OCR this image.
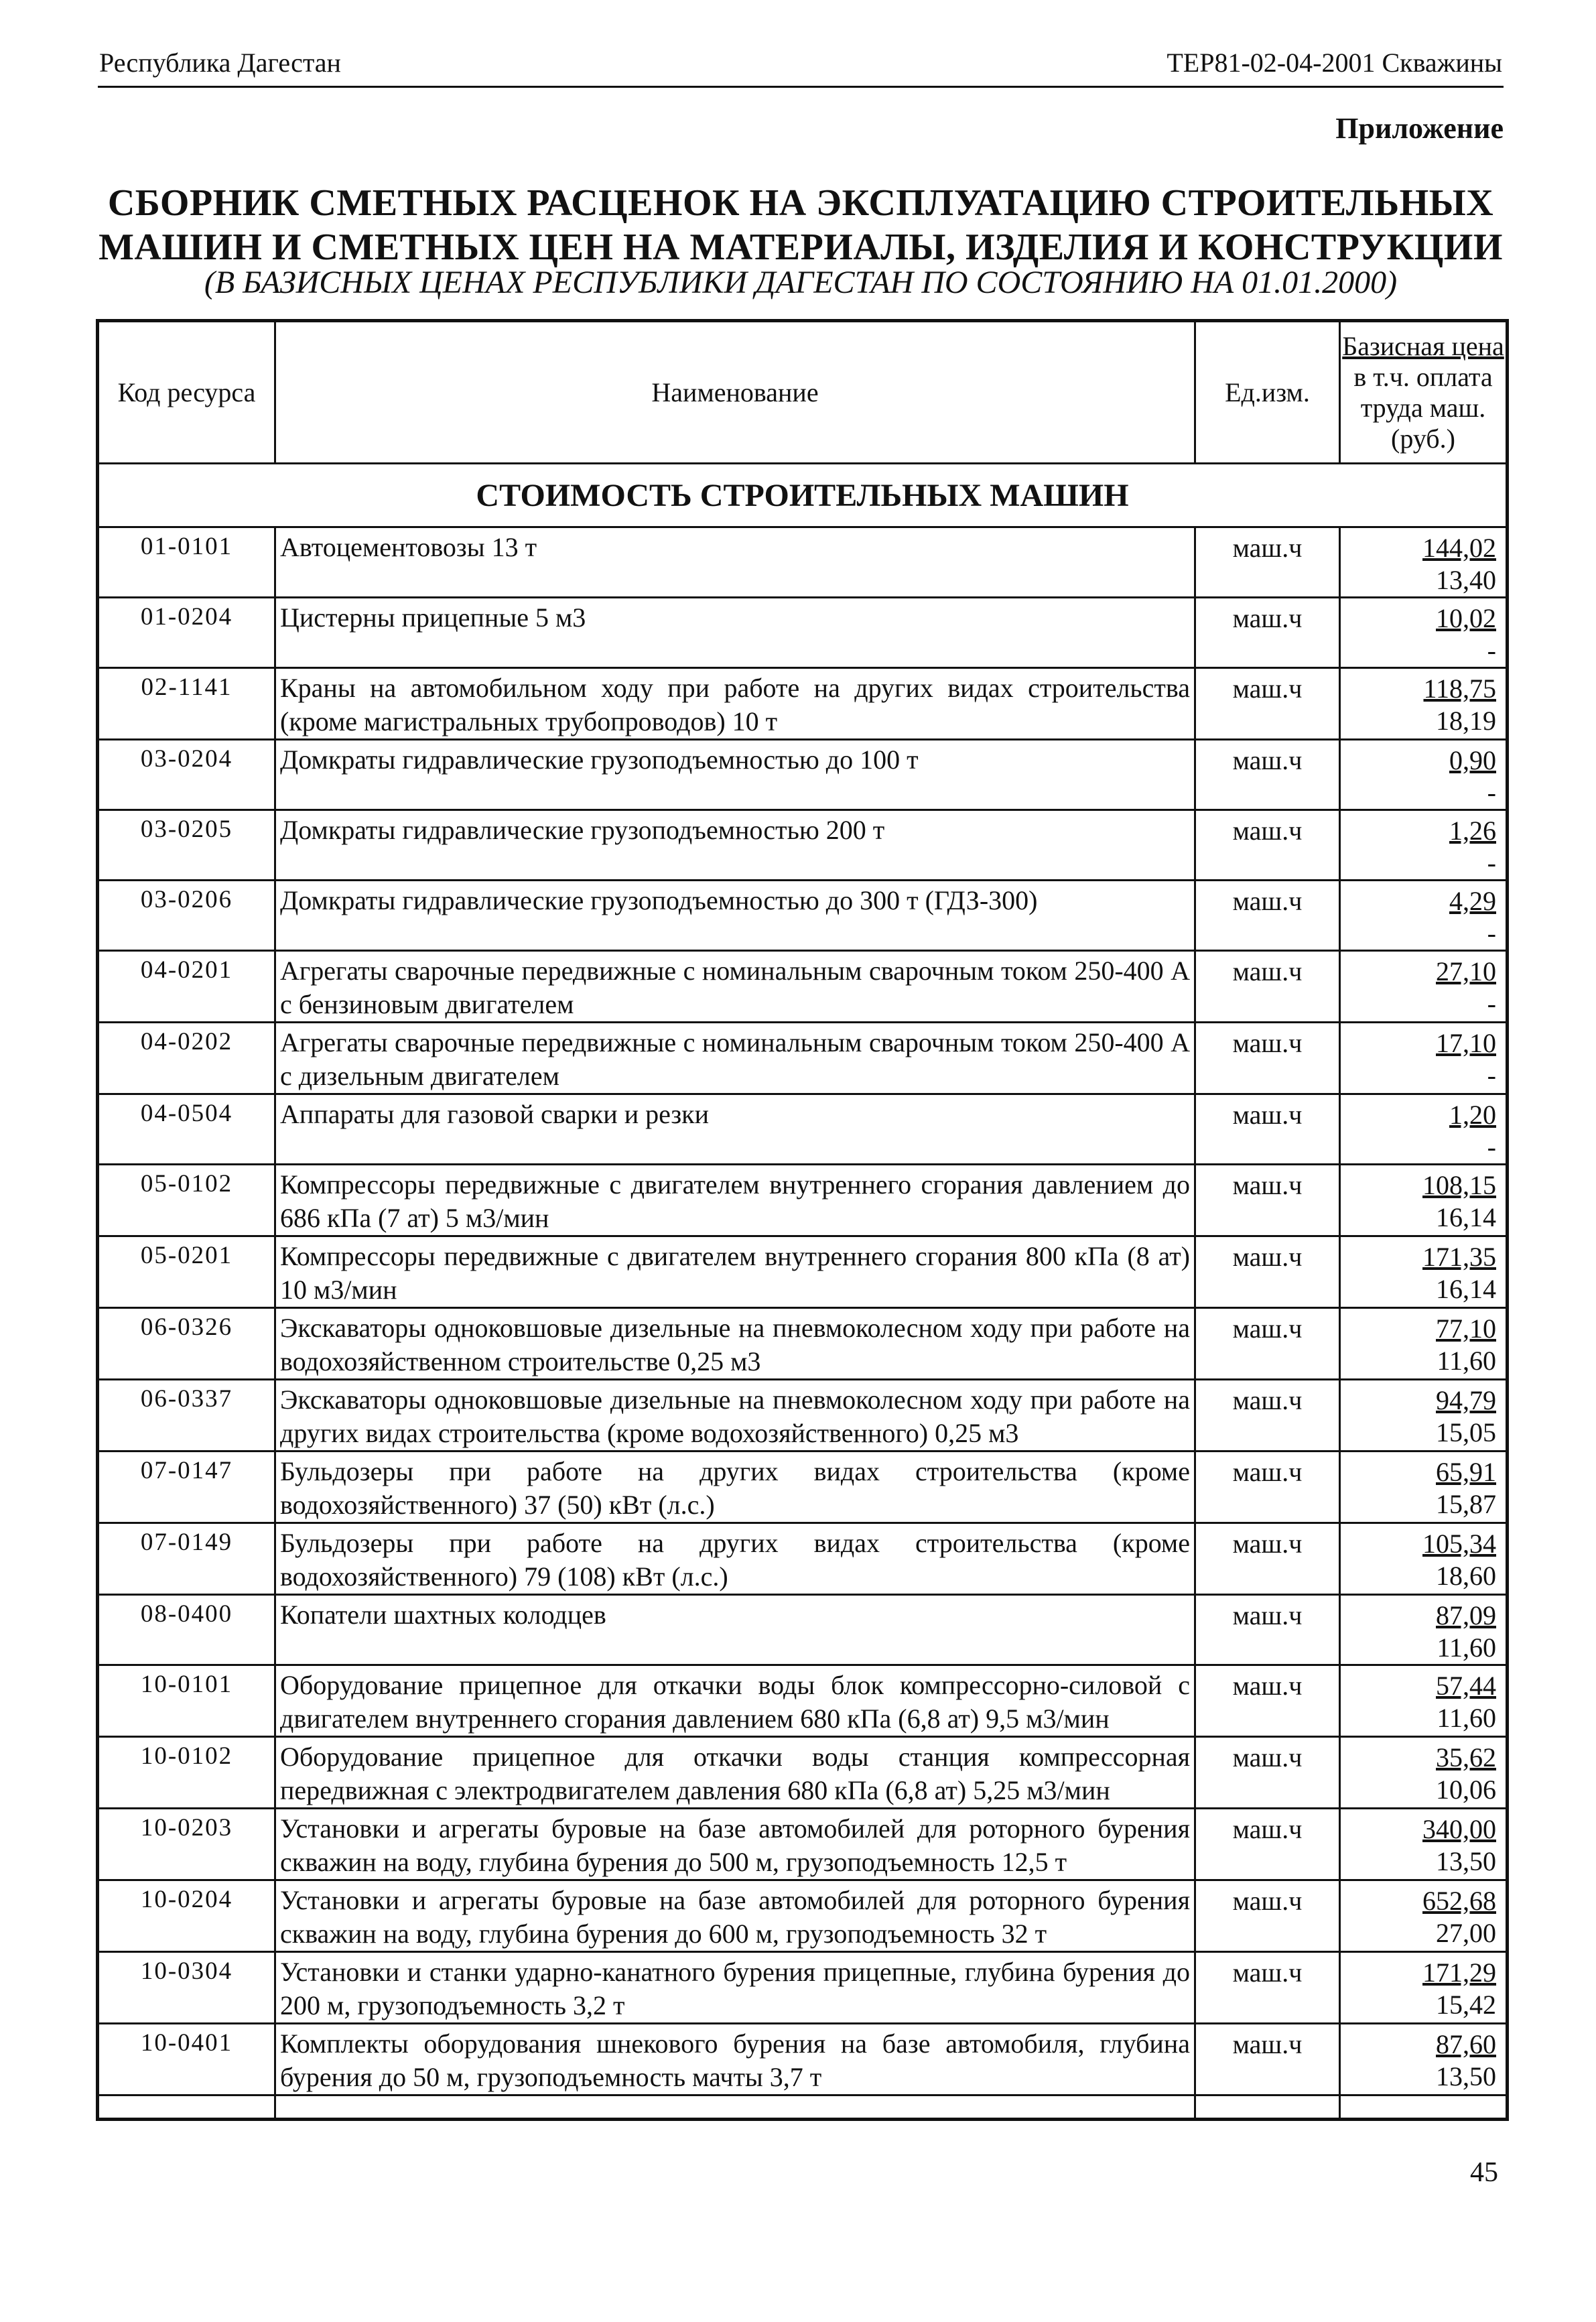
Республика Дагестан	ТЕР81-02-04-2001 Скважины
Приложение
СБОРНИК СМЕТНЫХ РАСЦЕНОК НА ЭКСПЛУАТАЦИЮ СТРОИТЕЛЬНЫХ
МАШИН И СМЕТНЫХ ЦЕН НА МАТЕРИАЛЫ, ИЗДЕЛИЯ И КОНСТРУКЦИИ
(В БАЗИСНЫХ ЦЕНАХ РЕСПУБЛИКИ ДАГЕСТАН ПО СОСТОЯНИЮ НА 01.01.2000)
Код ресурса	Наименование	Ед.изм.	Базисная цена
в т.ч. оплата
труда маш.
(руб.)

СТОИМОСТЬ СТРОИТЕЛЬНЫХ МАШИН			
01-0101	Автоцементовозы 13 т	маш.ч	144,02
13,40

01-0204	Цистерны прицепные 5 м3	маш.ч	10,02
-

02-1141	Краны на автомобильном ходу при работе на других видах строительства (кроме магистральных трубопроводов) 10 т	маш.ч	118,75
18,19

03-0204	Домкраты гидравлические грузоподъемностью до 100 т	маш.ч	0,90
-

03-0205	Домкраты гидравлические грузоподъемностью 200 т	маш.ч	1,26
-

03-0206	Домкраты гидравлические грузоподъемностью до 300 т (ГДЗ-300)	маш.ч	4,29
-

04-0201	Агрегаты сварочные передвижные с номинальным сварочным током 250-400 А с бензиновым двигателем	маш.ч	27,10
-

04-0202	Агрегаты сварочные передвижные с номинальным сварочным током 250-400 А с дизельным двигателем	маш.ч	17,10
-

04-0504	Аппараты для газовой сварки и резки	маш.ч	1,20
-

05-0102	Компрессоры передвижные с двигателем внутреннего сгорания давлением до 686 кПа (7 ат) 5 м3/мин	маш.ч	108,15
16,14

05-0201	Компрессоры передвижные с двигателем внутреннего сгорания 800 кПа (8 ат) 10 м3/мин	маш.ч	171,35
16,14

06-0326	Экскаваторы одноковшовые дизельные на пневмоколесном ходу при работе на водохозяйственном строительстве 0,25 м3	маш.ч	77,10
11,60

06-0337	Экскаваторы одноковшовые дизельные на пневмоколесном ходу при работе на других видах строительства (кроме водохозяйственного) 0,25 м3	маш.ч	94,79
15,05

07-0147	Бульдозеры при работе на других видах строительства (кроме водохозяйственного) 37 (50) кВт (л.с.)	маш.ч	65,91
15,87

07-0149	Бульдозеры при работе на других видах строительства (кроме водохозяйственного) 79 (108) кВт (л.с.)	маш.ч	105,34
18,60

08-0400	Копатели шахтных колодцев	маш.ч	87,09
11,60

10-0101	Оборудование прицепное для откачки воды блок компрессорно-силовой с двигателем внутреннего сгорания давлением 680 кПа (6,8 ат) 9,5 м3/мин	маш.ч	57,44
11,60

10-0102	Оборудование прицепное для откачки воды станция компрессорная передвижная с электродвигателем давления 680 кПа (6,8 ат) 5,25 м3/мин	маш.ч	35,62
10,06

10-0203	Установки и агрегаты буровые на базе автомобилей для роторного бурения скважин на воду, глубина бурения до 500 м, грузоподъемность 12,5 т	маш.ч	340,00
13,50

10-0204	Установки и агрегаты буровые на базе автомобилей для роторного бурения скважин на воду, глубина бурения до 600 м, грузоподъемность 32 т	маш.ч	652,68
27,00

10-0304	Установки и станки ударно-канатного бурения прицепные, глубина бурения до 200 м, грузоподъемность 3,2 т	маш.ч	171,29
15,42

10-0401	Комплекты оборудования шнекового бурения на базе автомобиля, глубина бурения до 50 м, грузоподъемность мачты 3,7 т	маш.ч	87,60
13,50

45
